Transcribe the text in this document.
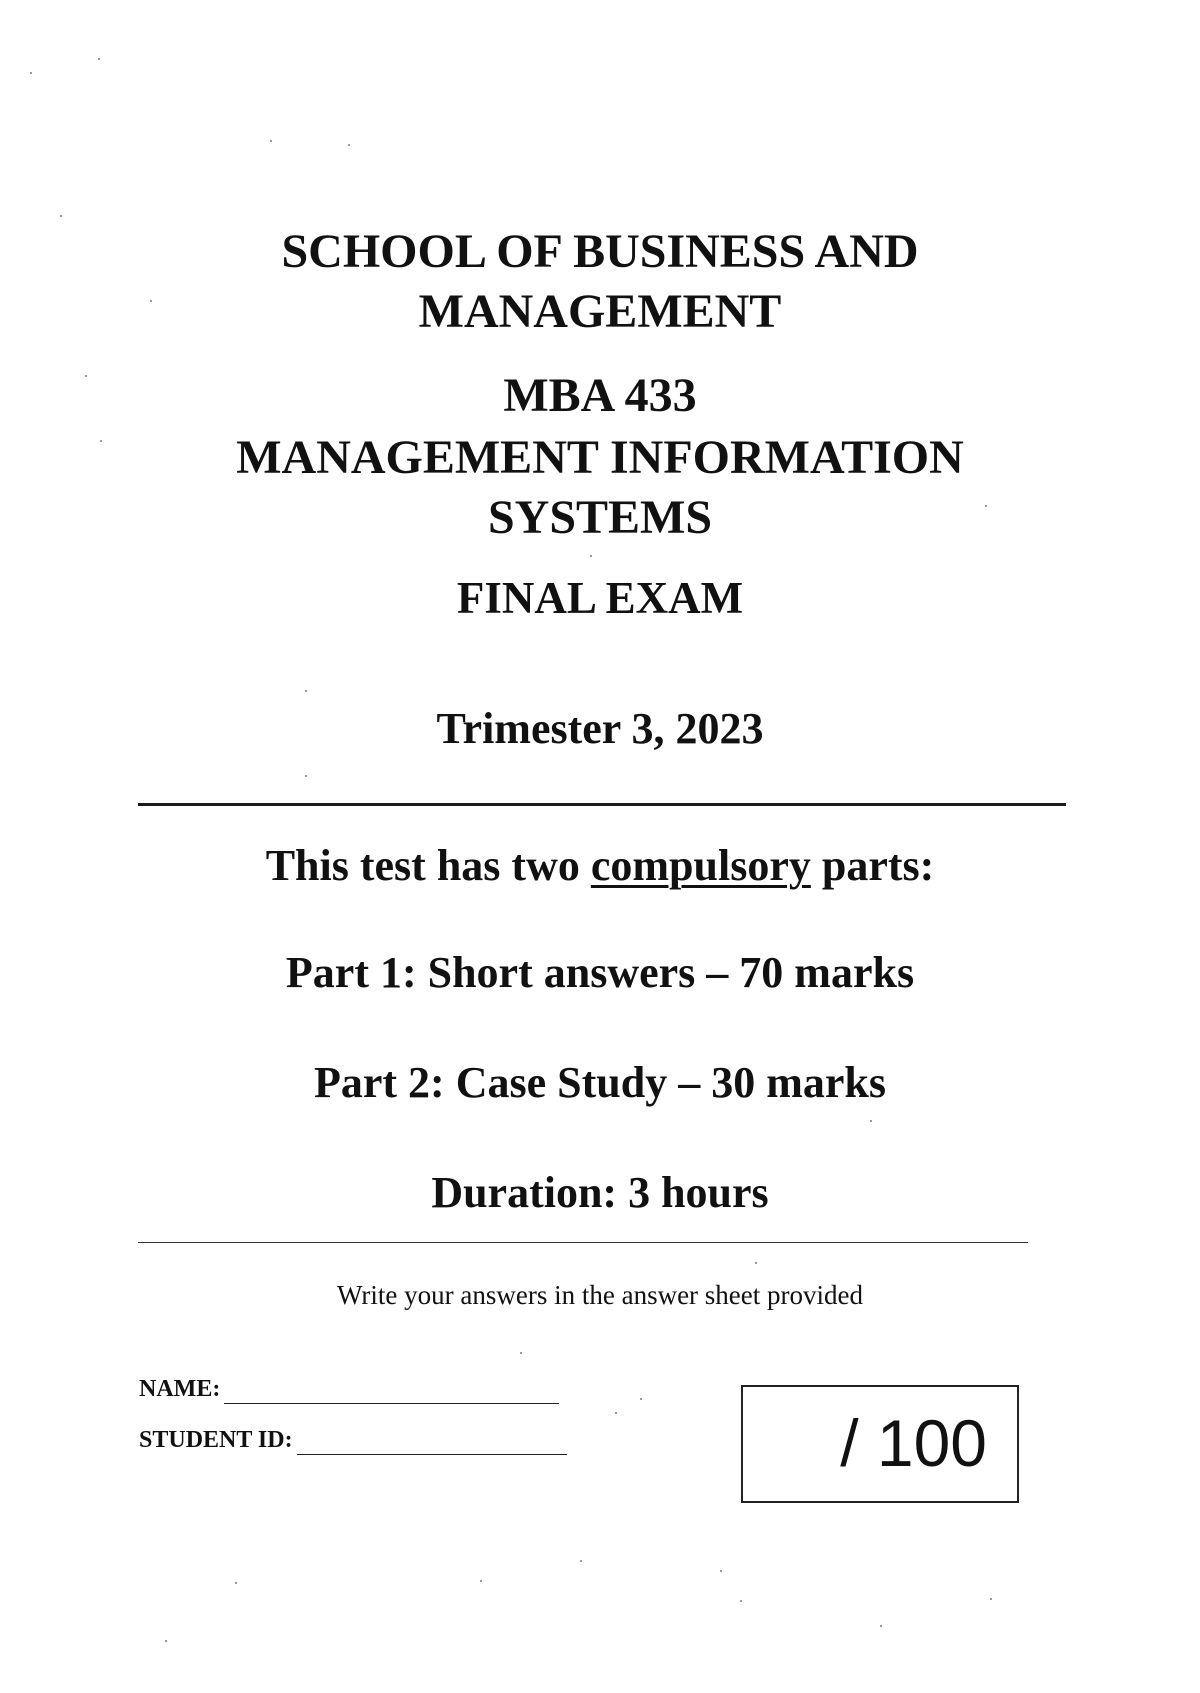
SCHOOL OF BUSINESS AND
MANAGEMENT
MBA 433
MANAGEMENT INFORMATION
SYSTEMS
FINAL EXAM
Trimester 3, 2023
This test has two compulsory parts:
Part 1: Short answers – 70 marks
Part 2: Case Study – 30 marks
Duration: 3 hours
Write your answers in the answer sheet provided
NAME:
STUDENT ID:	/ 100
